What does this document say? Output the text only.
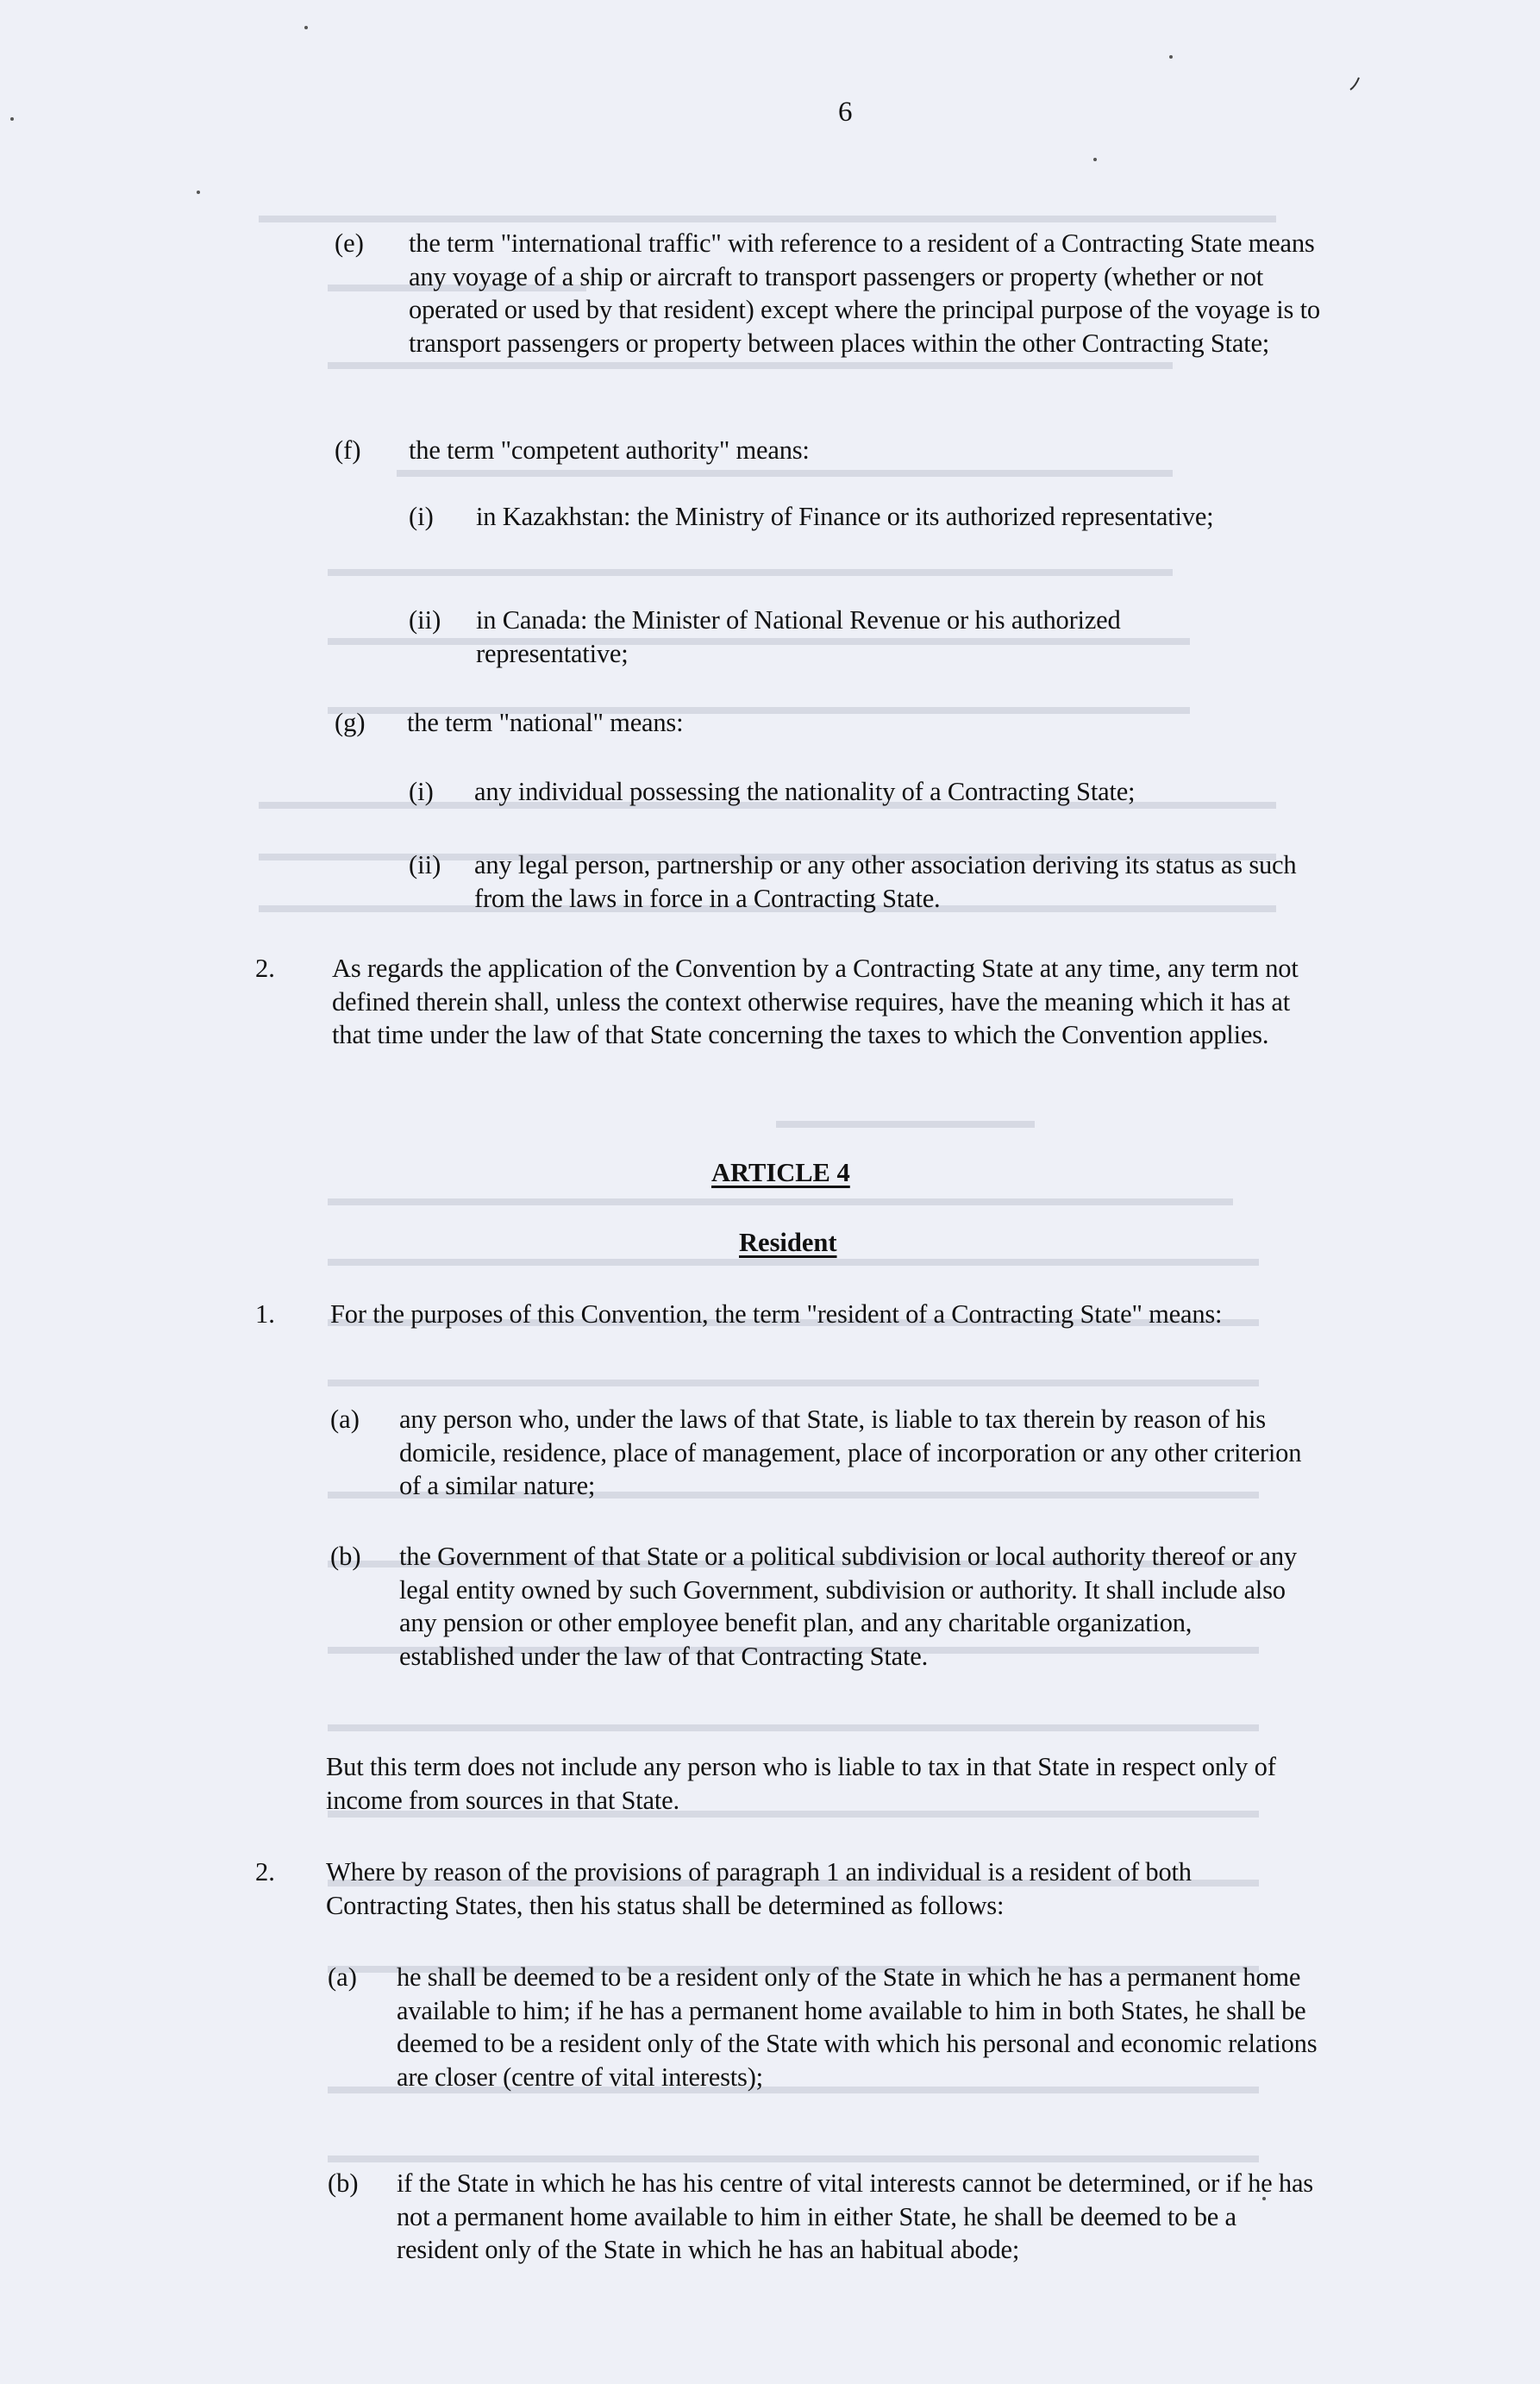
6
(e) the term "international traffic" with reference to a resident of a Contracting State means any voyage of a ship or aircraft to transport passengers or property (whether or not operated or used by that resident) except where the principal purpose of the voyage is to transport passengers or property between places within the other Contracting State;
(f) the term "competent authority" means:
(i) in Kazakhstan: the Ministry of Finance or its authorized representative;
(ii) in Canada: the Minister of National Revenue or his authorized representative;
(g) the term "national" means:
(i) any individual possessing the nationality of a Contracting State;
(ii) any legal person, partnership or any other association deriving its status as such from the laws in force in a Contracting State.
2. As regards the application of the Convention by a Contracting State at any time, any term not defined therein shall, unless the context otherwise requires, have the meaning which it has at that time under the law of that State concerning the taxes to which the Convention applies.
ARTICLE 4
Resident
1. For the purposes of this Convention, the term "resident of a Contracting State" means:
(a) any person who, under the laws of that State, is liable to tax therein by reason of his domicile, residence, place of management, place of incorporation or any other criterion of a similar nature;
(b) the Government of that State or a political subdivision or local authority thereof or any legal entity owned by such Government, subdivision or authority. It shall include also any pension or other employee benefit plan, and any charitable organization, established under the law of that Contracting State.
But this term does not include any person who is liable to tax in that State in respect only of income from sources in that State.
2. Where by reason of the provisions of paragraph 1 an individual is a resident of both Contracting States, then his status shall be determined as follows:
(a) he shall be deemed to be a resident only of the State in which he has a permanent home available to him; if he has a permanent home available to him in both States, he shall be deemed to be a resident only of the State with which his personal and economic relations are closer (centre of vital interests);
(b) if the State in which he has his centre of vital interests cannot be determined, or if he has not a permanent home available to him in either State, he shall be deemed to be a resident only of the State in which he has an habitual abode;
